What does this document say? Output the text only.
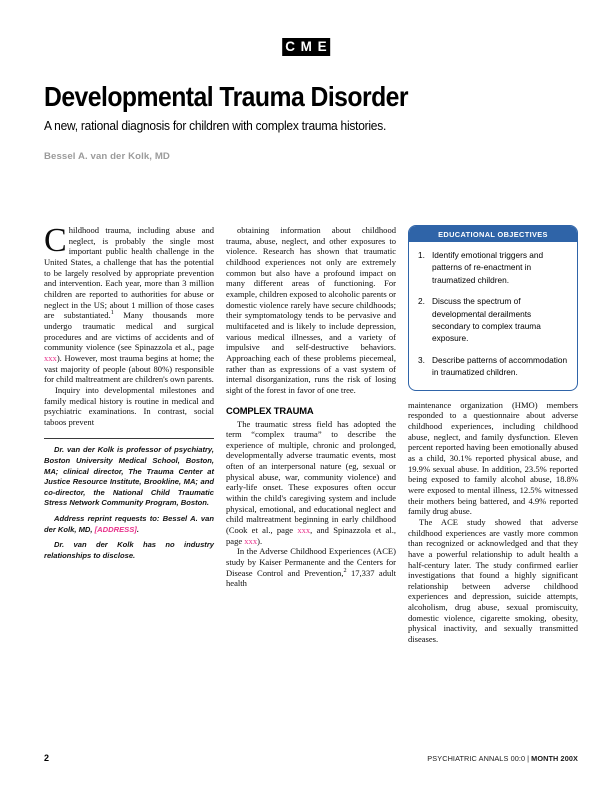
C M E
Developmental Trauma Disorder

A new, rational diagnosis for children with complex trauma histories.

Bessel A. van der Kolk, MD

Childhood trauma, including abuse and neglect, is probably the single most important public health challenge in the United States, a challenge that has the potential to be largely resolved by appropriate prevention and intervention. Each year, more than 3 million children are reported to authorities for abuse or neglect in the US; about 1 million of those cases are substantiated.$^1$ Many thousands more undergo traumatic medical and surgical procedures and are victims of accidents and of community violence (see Spinazzola et al., page xxx). However, most trauma begins at home; the vast majority of people (about 80%) responsible for child maltreatment are children's own parents.

Inquiry into developmental milestones and family medical history is routine in medical and psychiatric examinations. In contrast, social taboos prevent

Dr. van der Kolk is professor of psychiatry, Boston University Medical School, Boston, MA; clinical director, The Trauma Center at Justice Resource Institute, Brookline, MA; and co-director, the National Child Traumatic Stress Network Community Program, Boston.

Address reprint requests to: Bessel A. van der Kolk, MD, [ADDRESS].

Dr. van der Kolk has no industry relationships to disclose.

obtaining information about childhood trauma, abuse, neglect, and other exposures to violence. Research has shown that traumatic childhood experiences not only are extremely common but also have a profound impact on many different areas of functioning. For example, children exposed to alcoholic parents or domestic violence rarely have secure childhoods; their symptomatology tends to be pervasive and multifaceted and is likely to include depression, various medical illnesses, and a variety of impulsive and self-destructive behaviors. Approaching each of these problems piecemeal, rather than as expressions of a vast system of internal disorganization, runs the risk of losing sight of the forest in favor of one tree.

COMPLEX TRAUMA

The traumatic stress field has adopted the term “complex trauma” to describe the experience of multiple, chronic and prolonged, developmentally adverse traumatic events, most often of an interpersonal nature (eg, sexual or physical abuse, war, community violence) and early-life onset. These exposures often occur within the child's caregiving system and include physical, emotional, and educational neglect and child maltreatment beginning in early childhood (Cook et al., page xxx, and Spinazzola et al., page xxx).

In the Adverse Childhood Experiences (ACE) study by Kaiser Permanente and the Centers for Disease Control and Prevention,$^2$ 17,337 adult health

EDUCATIONAL OBJECTIVES
Identify emotional triggers and patterns of re-enactment in traumatized children.
Discuss the spectrum of developmental derailments secondary to complex trauma exposure.
Describe patterns of accommodation in traumatized children.

maintenance organization (HMO) members responded to a questionnaire about adverse childhood experiences, including childhood abuse, neglect, and family dysfunction. Eleven percent reported having been emotionally abused as a child, 30.1% reported physical abuse, and 19.9% sexual abuse. In addition, 23.5% reported being exposed to family alcohol abuse, 18.8% were exposed to mental illness, 12.5% witnessed their mothers being battered, and 4.9% reported family drug abuse.

The ACE study showed that adverse childhood experiences are vastly more common than recognized or acknowledged and that they have a powerful relationship to adult health a half-century later. The study confirmed earlier investigations that found a highly significant relationship between adverse childhood experiences and depression, suicide attempts, alcoholism, drug abuse, sexual promiscuity, domestic violence, cigarette smoking, obesity, physical inactivity, and sexually transmitted diseases.

2	PSYCHIATRIC ANNALS 00:0 | MONTH 200X
